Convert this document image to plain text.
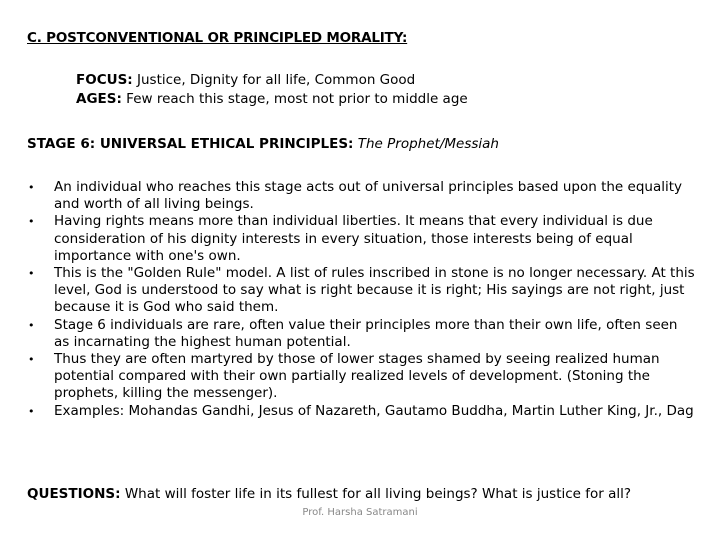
C. POSTCONVENTIONAL OR PRINCIPLED MORALITY:
FOCUS: Justice, Dignity for all life, Common Good
AGES: Few reach this stage, most not prior to middle age
STAGE 6: UNIVERSAL ETHICAL PRINCIPLES: The Prophet/Messiah
• An individual who reaches this stage acts out of universal principles based upon the equality and worth of all living beings.
• Having rights means more than individual liberties. It means that every individual is due consideration of his dignity interests in every situation, those interests being of equal importance with one's own.
• This is the "Golden Rule" model. A list of rules inscribed in stone is no longer necessary. At this level, God is understood to say what is right because it is right; His sayings are not right, just because it is God who said them.
• Stage 6 individuals are rare, often value their principles more than their own life, often seen as incarnating the highest human potential.
• Thus they are often martyred by those of lower stages shamed by seeing realized human potential compared with their own partially realized levels of development. (Stoning the prophets, killing the messenger).
• Examples: Mohandas Gandhi, Jesus of Nazareth, Gautamo Buddha, Martin Luther King, Jr., Dag
QUESTIONS: What will foster life in its fullest for all living beings? What is justice for all?
Prof. Harsha Satramani
